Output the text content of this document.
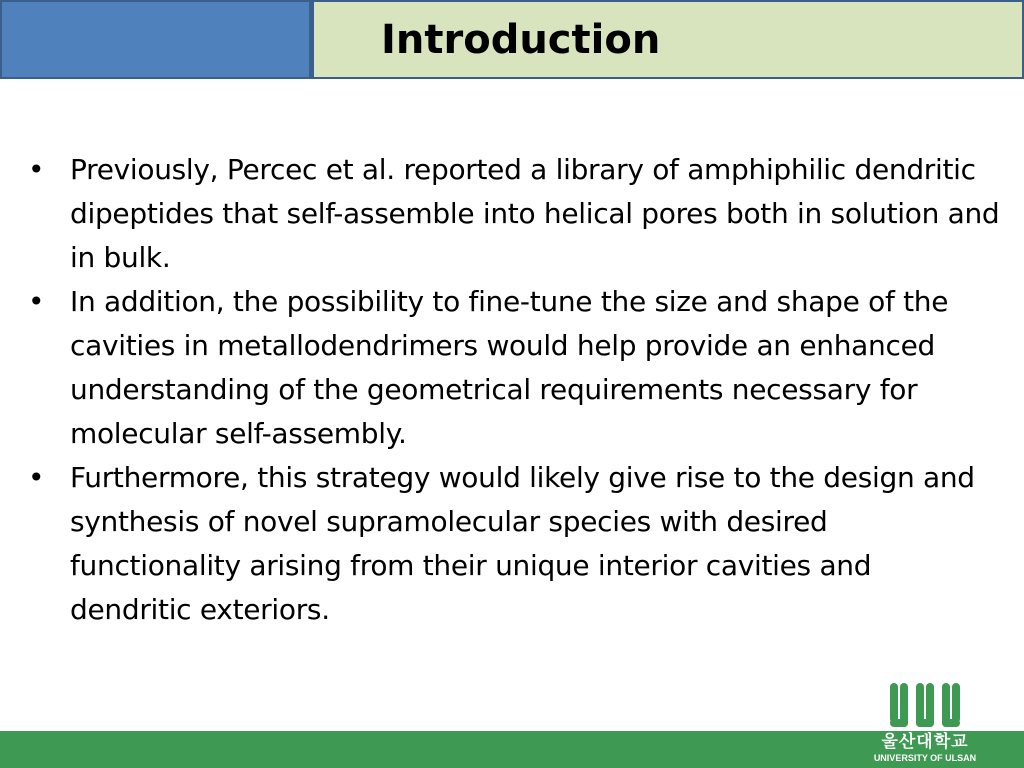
Introduction
• Previously, Percec et al. reported a library of amphiphilic dendritic dipeptides that self-assemble into helical pores both in solution and in bulk.
• In addition, the possibility to fine-tune the size and shape of the cavities in metallodendrimers would help provide an enhanced understanding of the geometrical requirements necessary for molecular self-assembly.
• Furthermore, this strategy would likely give rise to the design and synthesis of novel supramolecular species with desired functionality arising from their unique interior cavities and dendritic exteriors.
울산대학교
UNIVERSITY OF ULSAN
